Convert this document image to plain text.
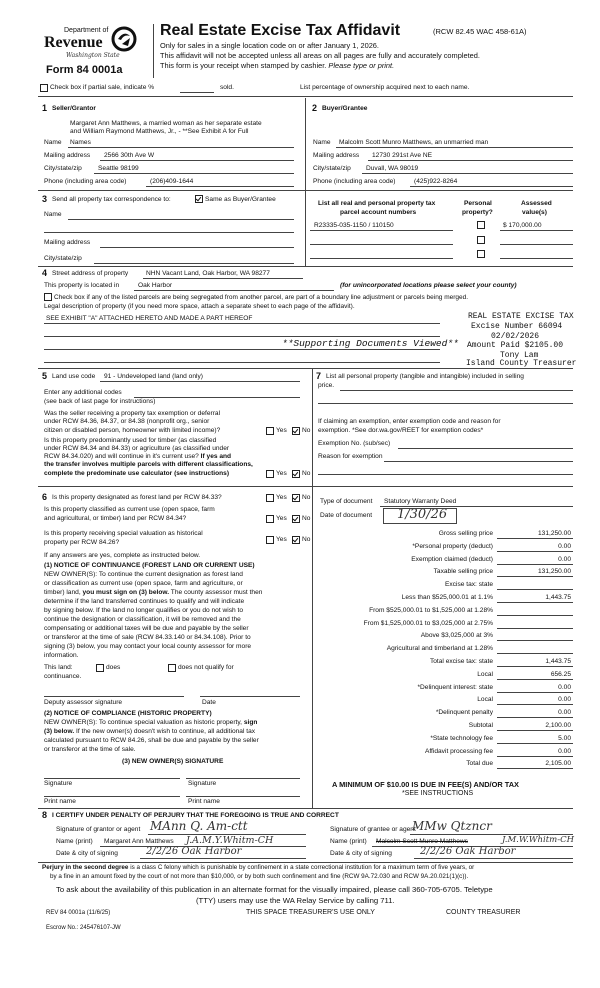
Department of
Revenue
Washington State
Form 84 0001a
Real Estate Excise Tax Affidavit	(RCW 82.45 WAC 458-61A)
Only for sales in a single location code on or after January 1, 2026.
This affidavit will not be accepted unless all areas on all pages are fully and accurately completed.
This form is your receipt when stamped by cashier. Please type or print.
Check box if partial sale, indicate %	sold.	List percentage of ownership acquired next to each name.
1 Seller/Grantor
Margaret Ann Matthews, a married woman as her separate estate
and William Raymond Matthews, Jr., - **See Exhibit A for Full
Name Names
Mailing address 2566 30th Ave W
City/state/zip Seattle 98199
Phone (including area code)	(206)409-1644
2 Buyer/Grantee
Name Malcolm Scott Munro Matthews, an unmarried man
Mailing address 12730 291st Ave NE
City/state/zip Duvall, WA 98019
Phone (including area code)	(425)922-8264
3 Send all property tax correspondence to:	Same as Buyer/Grantee
Name
Mailing address
City/state/zip
List all real and personal property tax
parcel account numbers
Personal
property?
Assessed
value(s)
R23335-035-1150 / 110150	$ 170,000.00
4 Street address of property	NHN Vacant Land, Oak Harbor, WA 98277
This property is located in	Oak Harbor	(for unincorporated locations please select your county)
Check box if any of the listed parcels are being segregated from another parcel, are part of a boundary line adjustment or parcels being merged.
Legal description of property (if you need more space, attach a separate sheet to each page of the affidavit).
SEE EXHIBIT "A" ATTACHED HERETO AND MADE A PART HEREOF
**Supporting Documents Viewed**
REAL ESTATE EXCISE TAX
Excise Number 66094
02/02/2026
Amount Paid $2105.00
Tony Lam
Island County Treasurer
5 Land use code 91 - Undeveloped land (land only)
Enter any additional codes
(see back of last page for instructions)
Was the seller receiving a property tax exemption or deferral
under RCW 84.36, 84.37, or 84.38 (nonprofit org., senior
citizen or disabled person, homeowner with limited income)?	Yes No
Is this property predominantly used for timber (as classified
under RCW 84.34 and 84.33) or agriculture (as classified under
RCW 84.34.020) and will continue in it's current use? If yes and
the transfer involves multiple parcels with different classifications,
complete the predominate use calculator (see instructions)	Yes No
7 List all personal property (tangible and intangible) included in selling
price.
If claiming an exemption, enter exemption code and reason for
exemption. *See dor.wa.gov/REET for exemption codes*
Exemption No. (sub/sec)
Reason for exemption
6 Is this property designated as forest land per RCW 84.33?	Yes No
Is this property classified as current use (open space, farm
and agricultural, or timber) land per RCW 84.34?	Yes No
Is this property receiving special valuation as historical
property per RCW 84.26?	Yes No
If any answers are yes, complete as instructed below.
(1) NOTICE OF CONTINUANCE (FOREST LAND OR CURRENT USE)
NEW OWNER(S): To continue the current designation as forest land
or classification as current use (open space, farm and agriculture, or
timber) land, you must sign on (3) below. The county assessor must then
determine if the land transferred continues to qualify and will indicate
by signing below. If the land no longer qualifies or you do not wish to
continue the designation or classification, it will be removed and the
compensating or additional taxes will be due and payable by the seller
or transferor at the time of sale (RCW 84.33.140 or 84.34.108). Prior to
signing (3) below, you may contact your local county assessor for more
information.
This land:	does	does not qualify for
continuance.
Deputy assessor signature	Date
(2) NOTICE OF COMPLIANCE (HISTORIC PROPERTY)
NEW OWNER(S): To continue special valuation as historic property, sign
(3) below. If the new owner(s) doesn't wish to continue, all additional tax
calculated pursuant to RCW 84.26, shall be due and payable by the seller
or transferor at the time of sale.
(3) NEW OWNER(S) SIGNATURE
Signature	Signature
Print name	Print name
Type of document Statutory Warranty Deed
Date of document 1/30/26
Gross selling price	131,250.00
*Personal property (deduct)	0.00
Exemption claimed (deduct)	0.00
Taxable selling price	131,250.00
Excise tax: state
Less than $525,000.01 at 1.1%	1,443.75
From $525,000.01 to $1,525,000 at 1.28%
From $1,525,000.01 to $3,025,000 at 2.75%
Above $3,025,000 at 3%
Agricultural and timberland at 1.28%
Total excise tax: state	1,443.75
Local	656.25
*Delinquent interest: state	0.00
Local	0.00
*Delinquent penalty	0.00
Subtotal	2,100.00
*State technology fee	5.00
Affidavit processing fee	0.00
Total due	2,105.00
A MINIMUM OF $10.00 IS DUE IN FEE(S) AND/OR TAX
*SEE INSTRUCTIONS
8 I CERTIFY UNDER PENALTY OF PERJURY THAT THE FOREGOING IS TRUE AND CORRECT
Signature of grantor or agent MAnn Q. Am-ctt
Name (print) Margaret Ann Matthews J.A.M.Y.Whitm-CH
Date & city of signing	2/2/26 Oak Harbor
Signature of grantee or agent
MMw Qtzncr
Name (print) Malcolm Scott Munro Matthews	J.M.W.Whitm-CH
Date & city of signing	2/2/26 Oak Harbor
Perjury in the second degree is a class C felony which is punishable by confinement in a state correctional institution for a maximum term of five years, or
by a fine in an amount fixed by the court of not more than $10,000, or by both such confinement and fine (RCW 9A.72.030 and RCW 9A.20.021(1)(c)).
To ask about the availability of this publication in an alternate format for the visually impaired, please call 360-705-6705. Teletype
(TTY) users may use the WA Relay Service by calling 711.
REV 84 0001a (11/6/25)	THIS SPACE TREASURER'S USE ONLY	COUNTY TREASURER
Escrow No.: 245476107-JW
